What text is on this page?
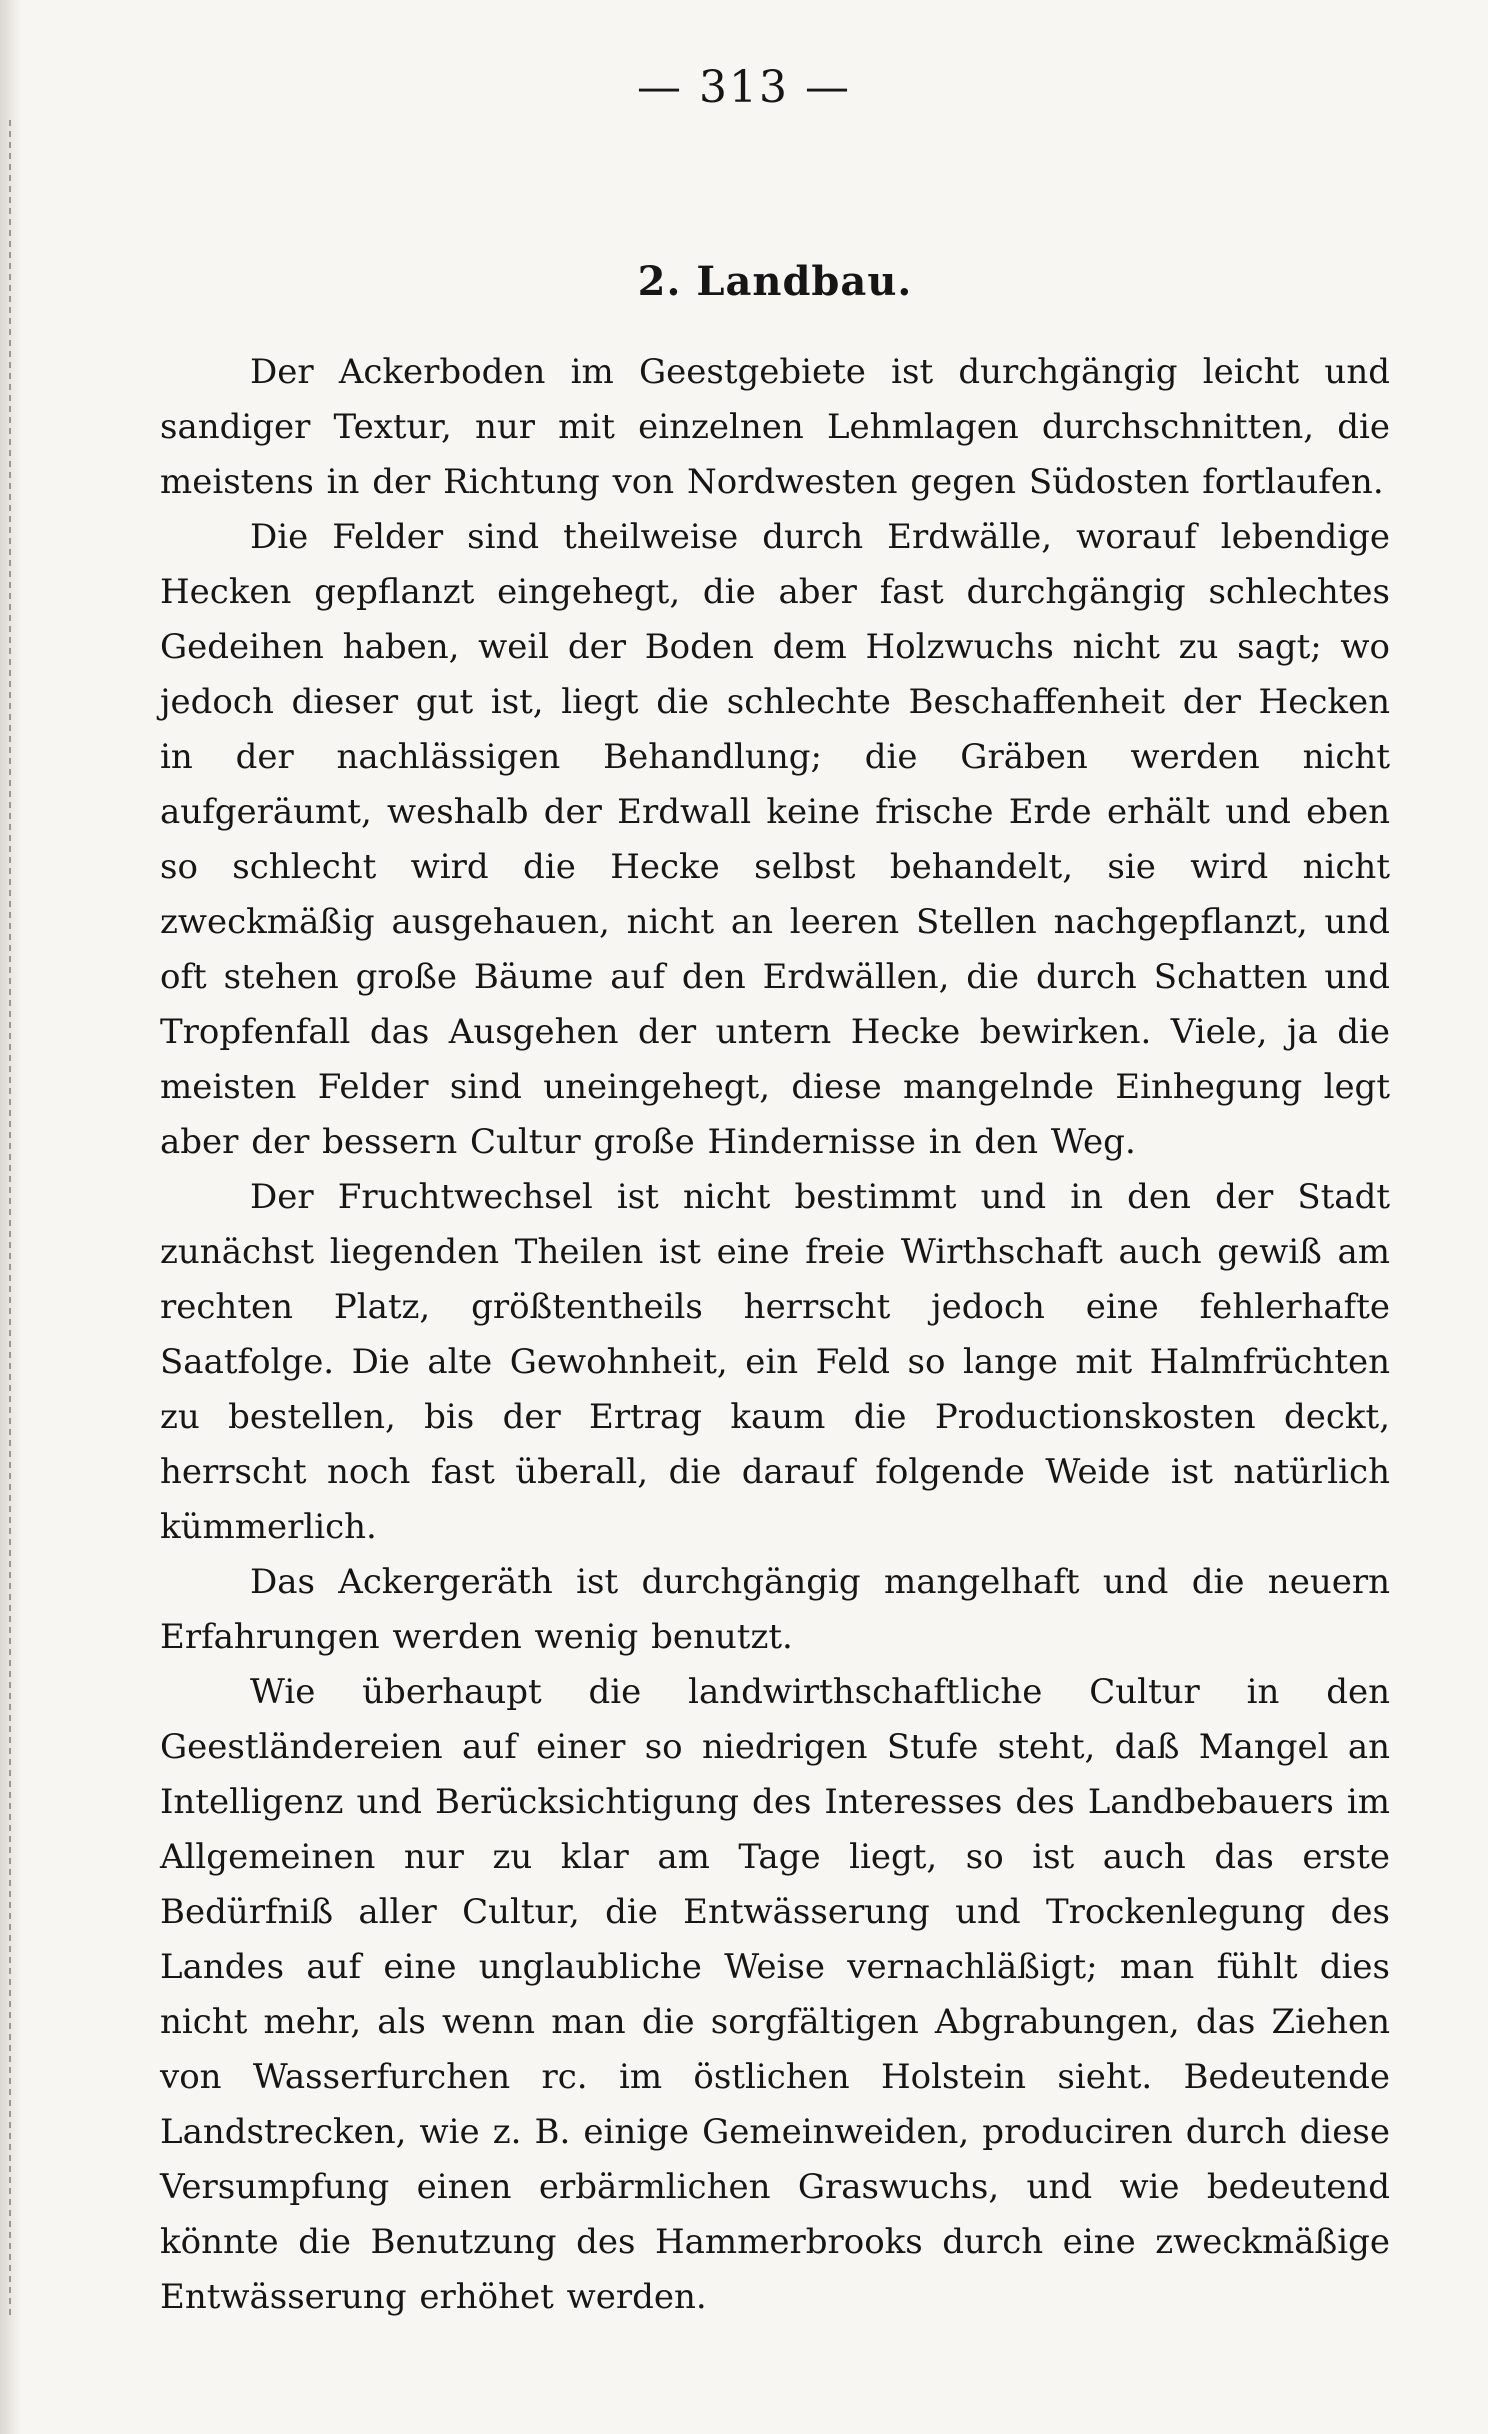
— 313 —
2. Landbau.

Der Ackerboden im Geestgebiete ist durchgängig leicht und sandiger Textur, nur mit einzelnen Lehmlagen durchschnitten, die meistens in der Richtung von Nordwesten gegen Südosten fortlaufen.

Die Felder sind theilweise durch Erdwälle, worauf lebendige Hecken gepflanzt eingehegt, die aber fast durchgängig schlechtes Gedeihen haben, weil der Boden dem Holzwuchs nicht zu sagt; wo jedoch dieser gut ist, liegt die schlechte Beschaffenheit der Hecken in der nachlässigen Behandlung; die Gräben werden nicht aufgeräumt, weshalb der Erdwall keine frische Erde erhält und eben so schlecht wird die Hecke selbst behandelt, sie wird nicht zweckmäßig ausgehauen, nicht an leeren Stellen nachgepflanzt, und oft stehen große Bäume auf den Erdwällen, die durch Schatten und Tropfenfall das Ausgehen der untern Hecke bewirken. Viele, ja die meisten Felder sind uneingehegt, diese mangelnde Einhegung legt aber der bessern Cultur große Hindernisse in den Weg.

Der Fruchtwechsel ist nicht bestimmt und in den der Stadt zunächst liegenden Theilen ist eine freie Wirthschaft auch gewiß am rechten Platz, größtentheils herrscht jedoch eine fehlerhafte Saatfolge. Die alte Gewohnheit, ein Feld so lange mit Halmfrüchten zu bestellen, bis der Ertrag kaum die Productionskosten deckt, herrscht noch fast überall, die darauf folgende Weide ist natürlich kümmerlich.

Das Ackergeräth ist durchgängig mangelhaft und die neuern Erfahrungen werden wenig benutzt.

Wie überhaupt die landwirthschaftliche Cultur in den Geestländereien auf einer so niedrigen Stufe steht, daß Mangel an Intelligenz und Berücksichtigung des Interesses des Landbebauers im Allgemeinen nur zu klar am Tage liegt, so ist auch das erste Bedürfniß aller Cultur, die Entwässerung und Trockenlegung des Landes auf eine unglaubliche Weise vernachläßigt; man fühlt dies nicht mehr, als wenn man die sorgfältigen Abgrabungen, das Ziehen von Wasserfurchen rc. im östlichen Holstein sieht. Bedeutende Landstrecken, wie z. B. einige Gemeinweiden, produciren durch diese Versumpfung einen erbärmlichen Graswuchs, und wie bedeutend könnte die Benutzung des Hammerbrooks durch eine zweckmäßige Entwässerung erhöhet werden.
